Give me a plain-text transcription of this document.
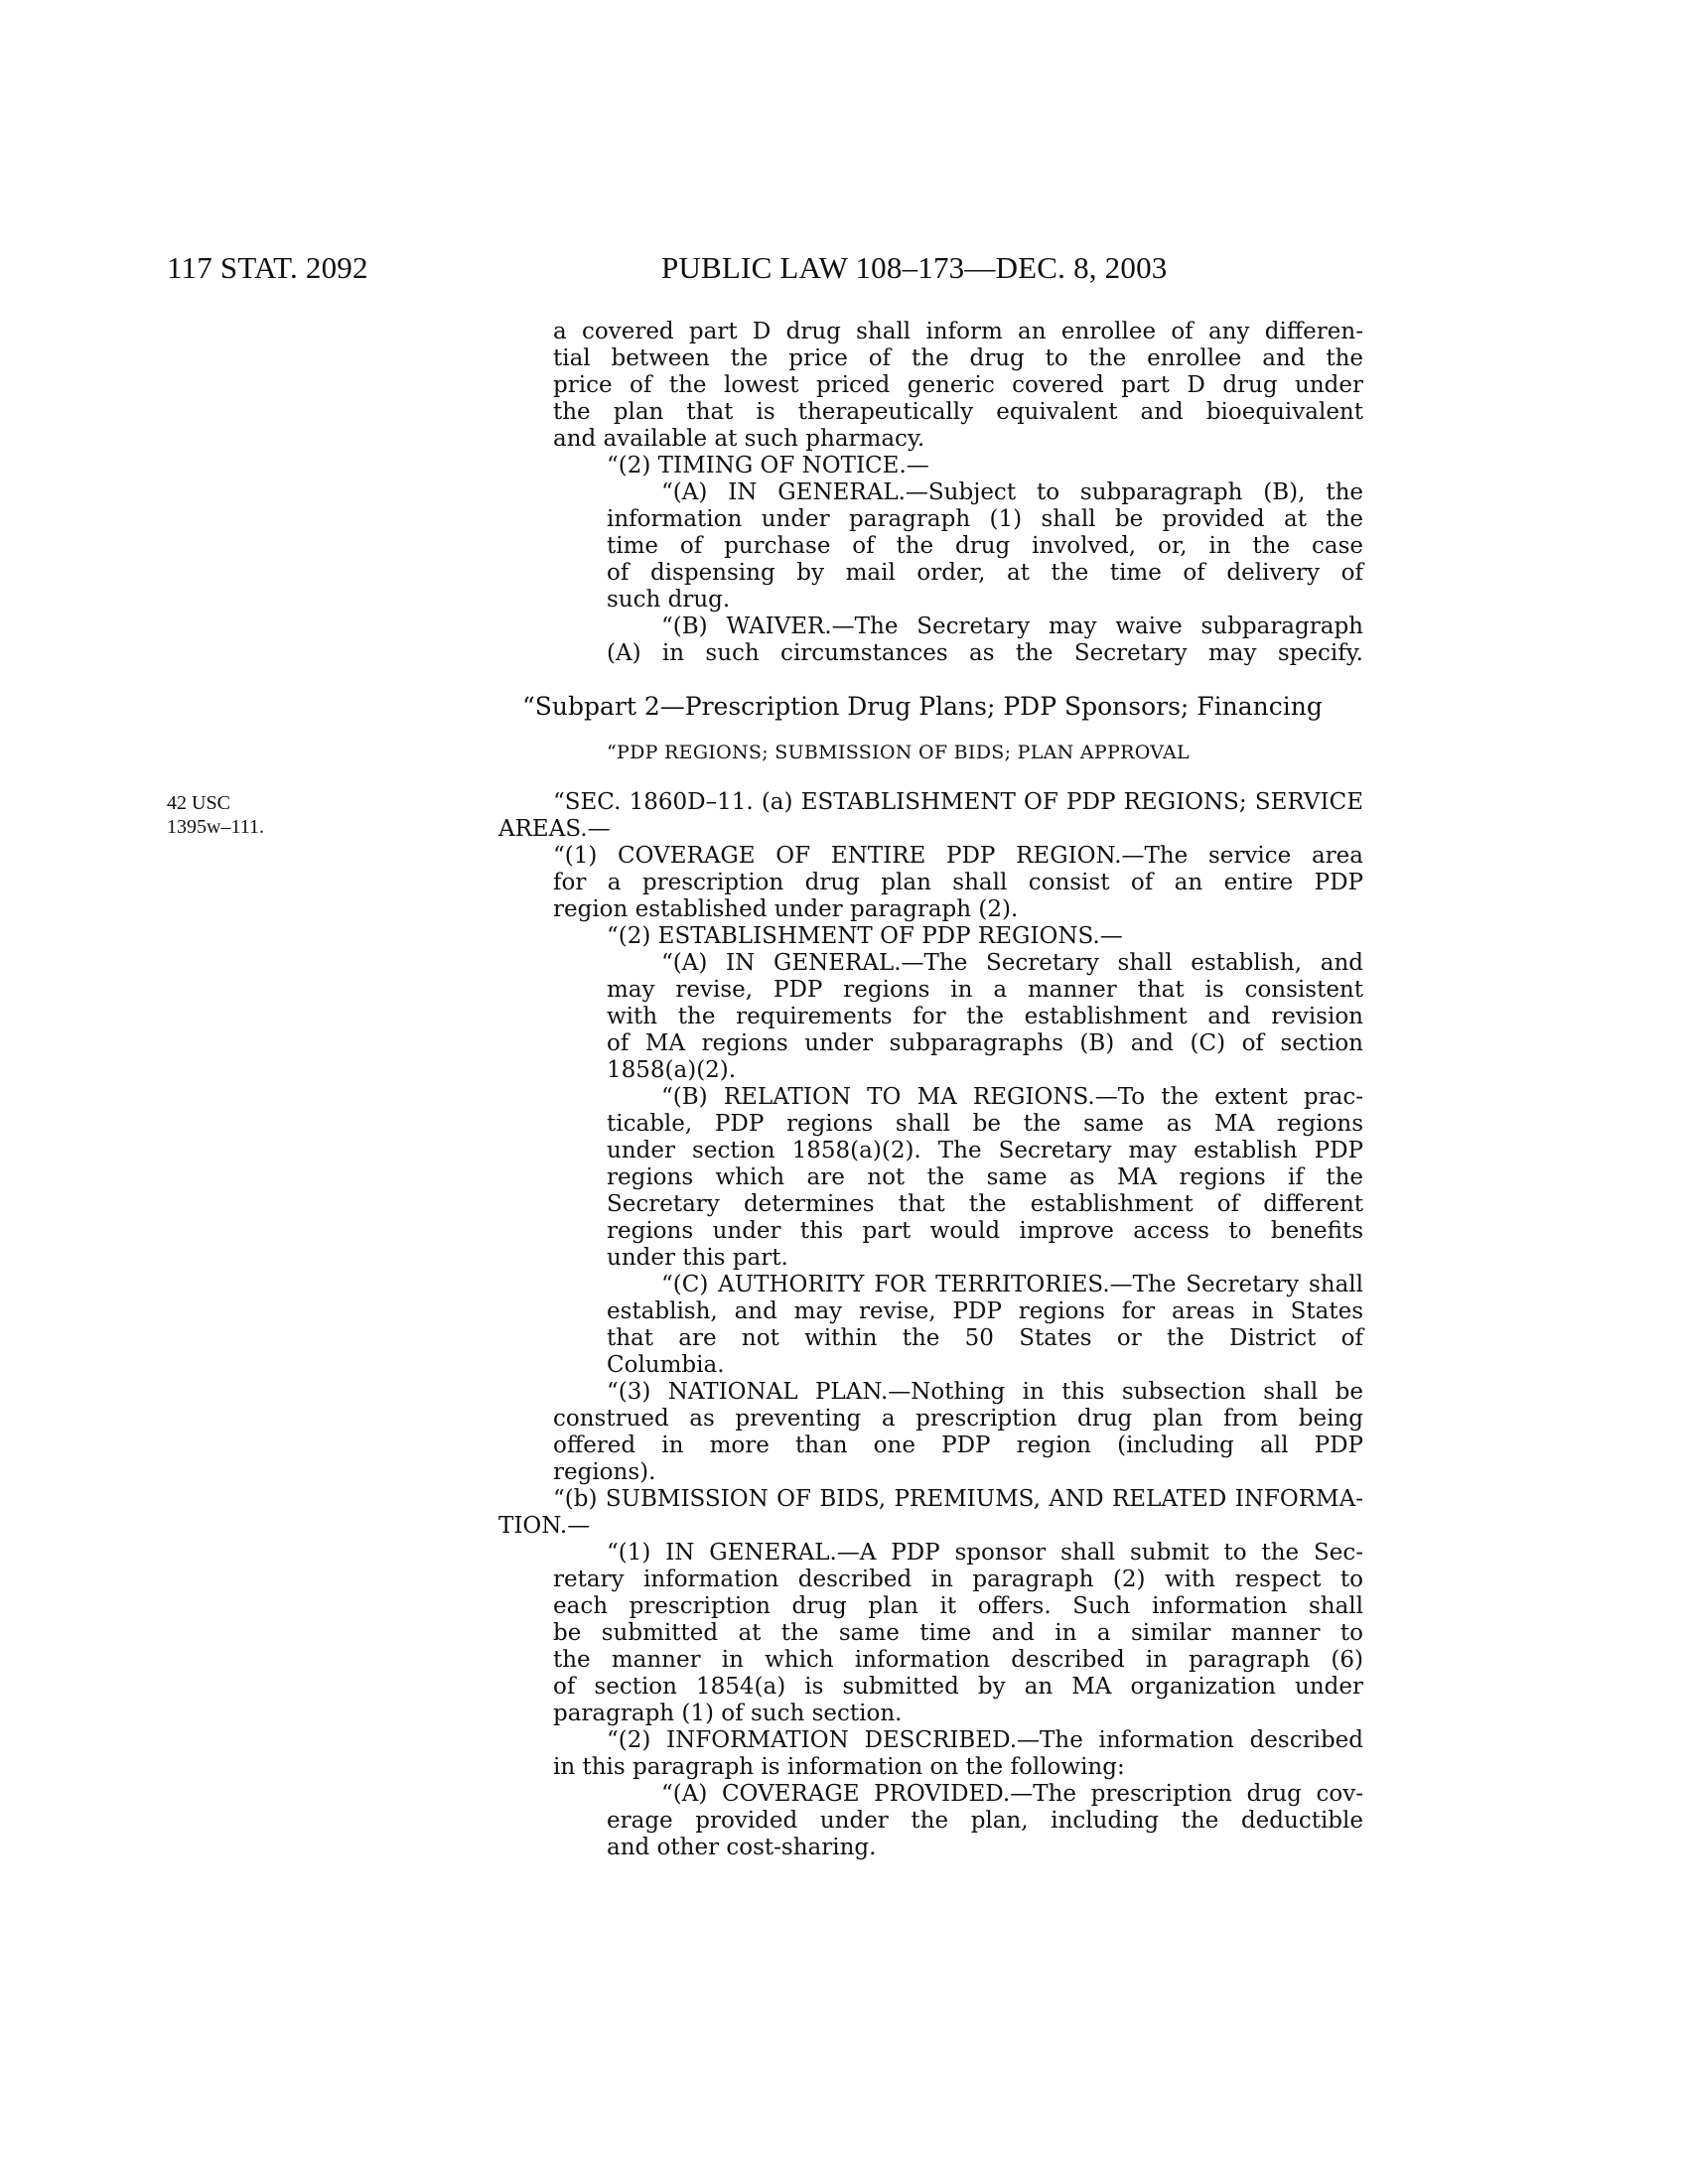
117 STAT. 2092	PUBLIC LAW 108–173—DEC. 8, 2003
42 USC
1395w–111.
a covered part D drug shall inform an enrollee of any differen-
tial between the price of the drug to the enrollee and the
price of the lowest priced generic covered part D drug under
the plan that is therapeutically equivalent and bioequivalent
and available at such pharmacy.
“(2) TIMING OF NOTICE.—
“(A) IN GENERAL.—Subject to subparagraph (B), the
information under paragraph (1) shall be provided at the
time of purchase of the drug involved, or, in the case
of dispensing by mail order, at the time of delivery of
such drug.
“(B) WAIVER.—The Secretary may waive subparagraph
(A) in such circumstances as the Secretary may specify.
“Subpart 2—Prescription Drug Plans; PDP Sponsors; Financing
“PDP REGIONS; SUBMISSION OF BIDS; PLAN APPROVAL
“SEC. 1860D–11. (a) ESTABLISHMENT OF PDP REGIONS; SERVICE
AREAS.—
“(1) COVERAGE OF ENTIRE PDP REGION.—The service area
for a prescription drug plan shall consist of an entire PDP
region established under paragraph (2).
“(2) ESTABLISHMENT OF PDP REGIONS.—
“(A) IN GENERAL.—The Secretary shall establish, and
may revise, PDP regions in a manner that is consistent
with the requirements for the establishment and revision
of MA regions under subparagraphs (B) and (C) of section
1858(a)(2).
“(B) RELATION TO MA REGIONS.—To the extent prac-
ticable, PDP regions shall be the same as MA regions
under section 1858(a)(2). The Secretary may establish PDP
regions which are not the same as MA regions if the
Secretary determines that the establishment of different
regions under this part would improve access to benefits
under this part.
“(C) AUTHORITY FOR TERRITORIES.—The Secretary shall
establish, and may revise, PDP regions for areas in States
that are not within the 50 States or the District of
Columbia.
“(3) NATIONAL PLAN.—Nothing in this subsection shall be
construed as preventing a prescription drug plan from being
offered in more than one PDP region (including all PDP
regions).
“(b) SUBMISSION OF BIDS, PREMIUMS, AND RELATED INFORMA-
TION.—
“(1) IN GENERAL.—A PDP sponsor shall submit to the Sec-
retary information described in paragraph (2) with respect to
each prescription drug plan it offers. Such information shall
be submitted at the same time and in a similar manner to
the manner in which information described in paragraph (6)
of section 1854(a) is submitted by an MA organization under
paragraph (1) of such section.
“(2) INFORMATION DESCRIBED.—The information described
in this paragraph is information on the following:
“(A) COVERAGE PROVIDED.—The prescription drug cov-
erage provided under the plan, including the deductible
and other cost-sharing.
